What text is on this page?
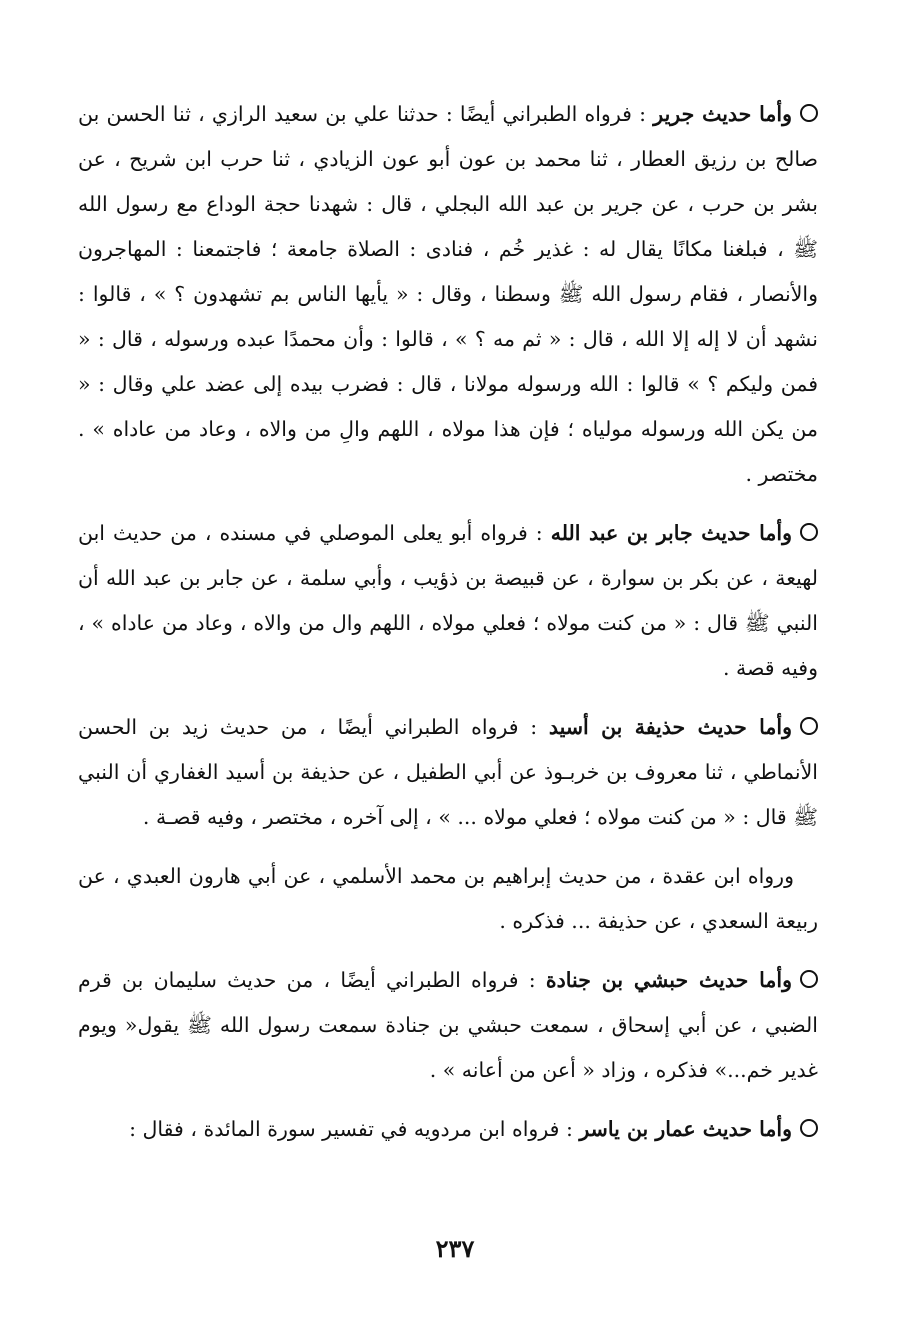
وأما حديث جرير : فرواه الطبراني أيضًا : حدثنا علي بن سعيد الرازي ، ثنا الحسن بن صالح بن رزيق العطار ، ثنا محمد بن عون أبو عون الزيادي ، ثنا حرب ابن شريح ، عن بشر بن حرب ، عن جرير بن عبد الله البجلي ، قال : شهدنا حجة الوداع مع رسول الله ﷺ ، فبلغنا مكانًا يقال له : غذير خُم ، فنادى : الصلاة جامعة ؛ فاجتمعنا : المهاجرون والأنصار ، فقام رسول الله ﷺ وسطنا ، وقال : « يأيها الناس بم تشهدون ؟ » ، قالوا : نشهد أن لا إله إلا الله ، قال : « ثم مه ؟ » ، قالوا : وأن محمدًا عبده ورسوله ، قال : « فمن وليكم ؟ » قالوا : الله ورسوله مولانا ، قال : فضرب بيده إلى عضد علي وقال : « من يكن الله ورسوله مولياه ؛ فإن هذا مولاه ، اللهم والِ من والاه ، وعاد من عاداه » . مختصر .

وأما حديث جابر بن عبد الله : فرواه أبو يعلى الموصلي في مسنده ، من حديث ابن لهيعة ، عن بكر بن سوارة ، عن قبيصة بن ذؤيب ، وأبي سلمة ، عن جابر بن عبد الله أن النبي ﷺ قال : « من كنت مولاه ؛ فعلي مولاه ، اللهم وال من والاه ، وعاد من عاداه » ، وفيه قصة .

وأما حديث حذيفة بن أسيد : فرواه الطبراني أيضًا ، من حديث زيد بن الحسن الأنماطي ، ثنا معروف بن خربـوذ عن أبي الطفيل ، عن حذيفة بن أسيد الغفاري أن النبي ﷺ قال : « من كنت مولاه ؛ فعلي مولاه ... » ، إلى آخره ، مختصر ، وفيه قصـة .

ورواه ابن عقدة ، من حديث إبراهيم بن محمد الأسلمي ، عن أبي هارون العبدي ، عن ربيعة السعدي ، عن حذيفة ... فذكره .

وأما حديث حبشي بن جنادة : فرواه الطبراني أيضًا ، من حديث سليمان بن قرم الضبي ، عن أبي إسحاق ، سمعت حبشي بن جنادة سمعت رسول الله ﷺ يقول« ويوم غدير خم...» فذكره ، وزاد « أعن من أعانه » .

وأما حديث عمار بن ياسر : فرواه ابن مردويه في تفسير سورة المائدة ، فقال :

٢٣٧
